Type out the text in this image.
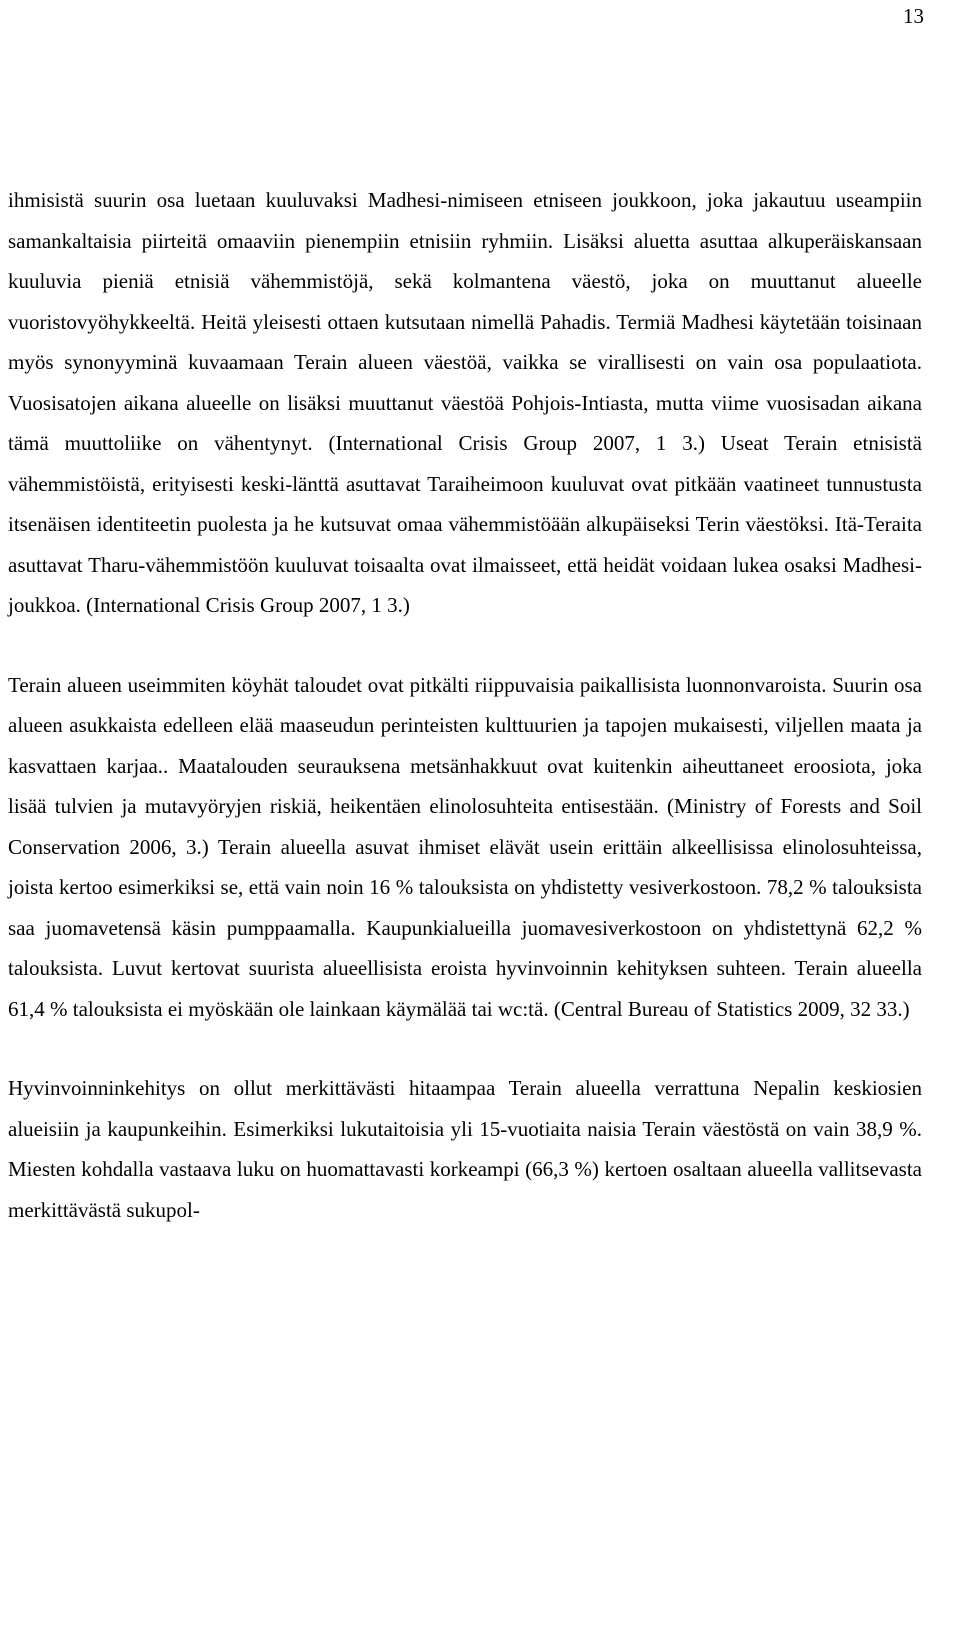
13

ihmisistä suurin osa luetaan kuuluvaksi Madhesi-nimiseen etniseen joukkoon, joka jakautuu useampiin samankaltaisia piirteitä omaaviin pienempiin etnisiin ryhmiin. Lisäksi aluetta asuttaa alkuperäiskansaan kuuluvia pieniä etnisiä vähemmistöjä, sekä kolmantena väestö, joka on muuttanut alueelle vuoristovyöhykkeeltä. Heitä yleisesti ottaen kutsutaan nimellä Pahadis. Termiä Madhesi käytetään toisinaan myös synonyyminä kuvaamaan Terain alueen väestöä, vaikka se virallisesti on vain osa populaatiota. Vuosisatojen aikana alueelle on lisäksi muuttanut väestöä Pohjois-Intiasta, mutta viime vuosisadan aikana tämä muuttoliike on vähentynyt. (International Crisis Group 2007, 1 3.) Useat Terain etnisistä vähemmistöistä, erityisesti keski-länttä asuttavat Taraiheimoon kuuluvat ovat pitkään vaatineet tunnustusta itsenäisen identiteetin puolesta ja he kutsuvat omaa vähemmistöään alkupäiseksi Terin väestöksi. Itä-Teraita asuttavat Tharu-vähemmistöön kuuluvat toisaalta ovat ilmaisseet, että heidät voidaan lukea osaksi Madhesi-joukkoa. (International Crisis Group 2007, 1 3.)

Terain alueen useimmiten köyhät taloudet ovat pitkälti riippuvaisia paikallisista luonnonvaroista. Suurin osa alueen asukkaista edelleen elää maaseudun perinteisten kulttuurien ja tapojen mukaisesti, viljellen maata ja kasvattaen karjaa.. Maatalouden seurauksena metsänhakkuut ovat kuitenkin aiheuttaneet eroosiota, joka lisää tulvien ja mutavyöryjen riskiä, heikentäen elinolosuhteita entisestään. (Ministry of Forests and Soil Conservation 2006, 3.) Terain alueella asuvat ihmiset elävät usein erittäin alkeellisissa elinolosuhteissa, joista kertoo esimerkiksi se, että vain noin 16 % talouksista on yhdistetty vesiverkostoon. 78,2 % talouksista saa juomavetensä käsin pumppaamalla. Kaupunkialueilla juomavesiverkostoon on yhdistettynä 62,2 % talouksista. Luvut kertovat suurista alueellisista eroista hyvinvoinnin kehityksen suhteen. Terain alueella 61,4 % talouksista ei myöskään ole lainkaan käymälää tai wc:tä. (Central Bureau of Statistics 2009, 32 33.)

Hyvinvoinninkehitys on ollut merkittävästi hitaampaa Terain alueella verrattuna Nepalin keskiosien alueisiin ja kaupunkeihin. Esimerkiksi lukutaitoisia yli 15-vuotiaita naisia Terain väestöstä on vain 38,9 %. Miesten kohdalla vastaava luku on huomattavasti korkeampi (66,3 %) kertoen osaltaan alueella vallitsevasta merkittävästä sukupol-
